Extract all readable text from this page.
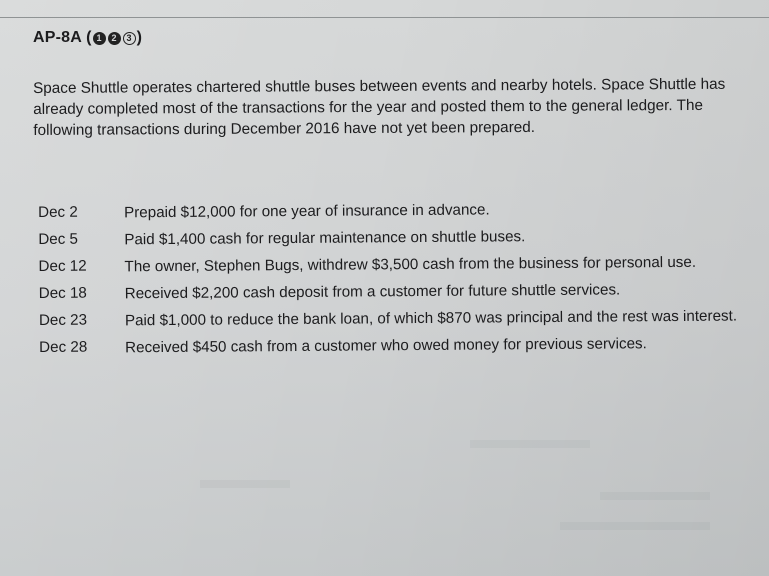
AP-8A ( 1 2 3 )
Space Shuttle operates chartered shuttle buses between events and nearby hotels. Space Shuttle has already completed most of the transactions for the year and posted them to the general ledger. The following transactions during December 2016 have not yet been prepared.
Dec 2	Prepaid $12,000 for one year of insurance in advance.
Dec 5	Paid $1,400 cash for regular maintenance on shuttle buses.
Dec 12	The owner, Stephen Bugs, withdrew $3,500 cash from the business for personal use.
Dec 18	Received $2,200 cash deposit from a customer for future shuttle services.
Dec 23	Paid $1,000 to reduce the bank loan, of which $870 was principal and the rest was interest.
Dec 28	Received $450 cash from a customer who owed money for previous services.
